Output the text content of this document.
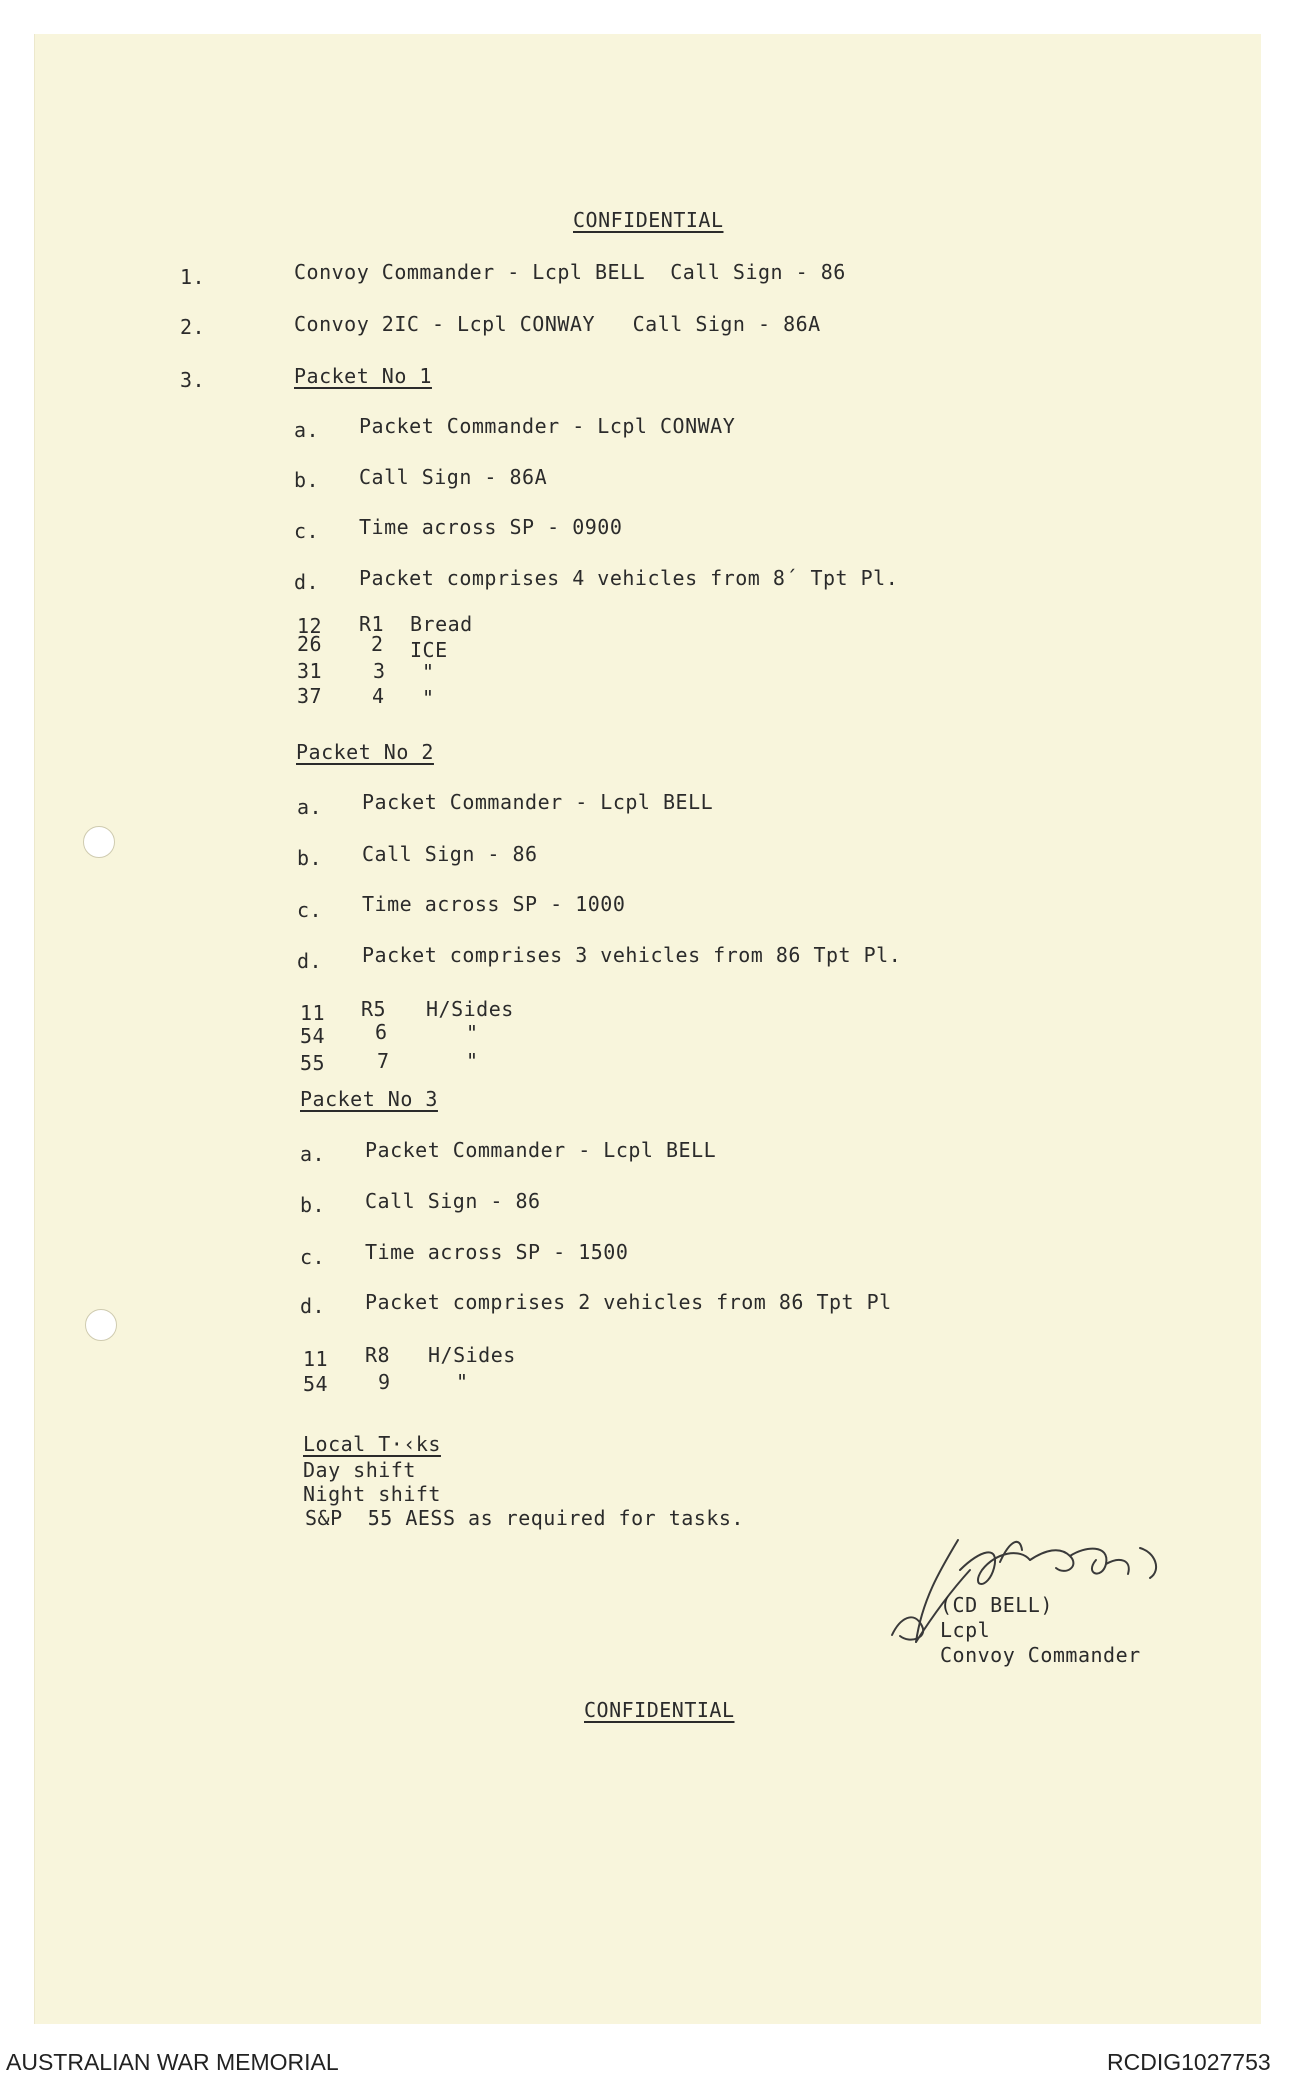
CONFIDENTIAL
1.	Convoy Commander - Lcpl BELL  Call Sign - 86
2.	Convoy 2IC - Lcpl CONWAY   Call Sign - 86A
3.	Packet No 1
a. Packet Commander - Lcpl CONWAY
b. Call Sign - 86A
c. Time across SP - 0900
d. Packet comprises 4 vehicles from 8´ Tpt Pl.
12 R1 Bread
26 2 ICE
31	3 "
37 4 "
Packet No 2
a. Packet Commander - Lcpl BELL
b. Call Sign - 86
c. Time across SP - 1000
d. Packet comprises 3 vehicles from 86 Tpt Pl.
11 R5 H/Sides
54 6	"
55	7	"
Packet No 3
a. Packet Commander - Lcpl BELL
b. Call Sign - 86
c. Time across SP - 1500
d. Packet comprises 2 vehicles from 86 Tpt Pl
11 R8 H/Sides
54 9	"
Local T·‹ks
Day shift
Night shift
S&P  55 AESS as required for tasks.
(CD BELL)
Lcpl
Convoy Commander
CONFIDENTIAL
AUSTRALIAN WAR MEMORIAL	RCDIG1027753
